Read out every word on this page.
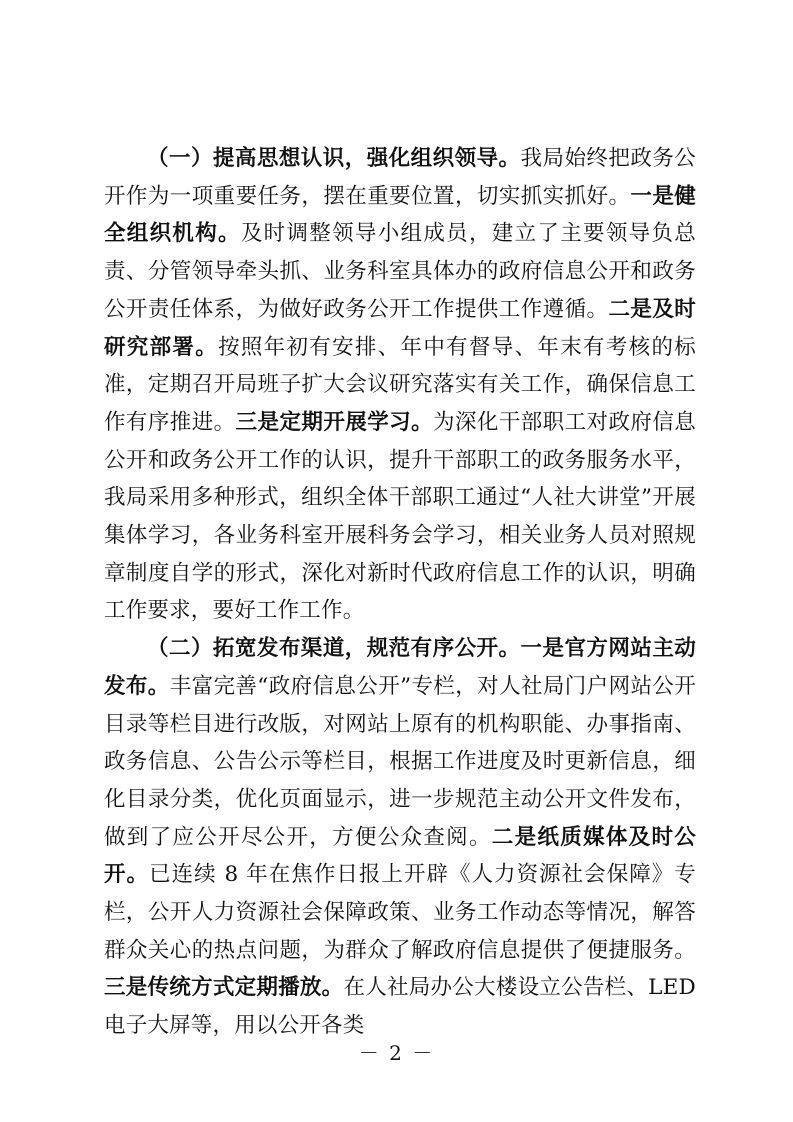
（一）提高思想认识，强化组织领导。我局始终把政务公开作为一项重要任务，摆在重要位置，切实抓实抓好。一是健全组织机构。及时调整领导小组成员，建立了主要领导负总责、分管领导牵头抓、业务科室具体办的政府信息公开和政务公开责任体系，为做好政务公开工作提供工作遵循。二是及时研究部署。按照年初有安排、年中有督导、年末有考核的标准，定期召开局班子扩大会议研究落实有关工作，确保信息工作有序推进。三是定期开展学习。为深化干部职工对政府信息公开和政务公开工作的认识，提升干部职工的政务服务水平，我局采用多种形式，组织全体干部职工通过“人社大讲堂”开展集体学习，各业务科室开展科务会学习，相关业务人员对照规章制度自学的形式，深化对新时代政府信息工作的认识，明确工作要求，要好工作工作。

（二）拓宽发布渠道，规范有序公开。一是官方网站主动发布。丰富完善“政府信息公开”专栏，对人社局门户网站公开目录等栏目进行改版，对网站上原有的机构职能、办事指南、政务信息、公告公示等栏目，根据工作进度及时更新信息，细化目录分类，优化页面显示，进一步规范主动公开文件发布，做到了应公开尽公开，方便公众查阅。二是纸质媒体及时公开。已连续 8 年在焦作日报上开辟《人力资源社会保障》专栏，公开人力资源社会保障政策、业务工作动态等情况，解答群众关心的热点问题，为群众了解政府信息提供了便捷服务。三是传统方式定期播放。在人社局办公大楼设立公告栏、LED 电子大屏等，用以公开各类

－ 2 －
